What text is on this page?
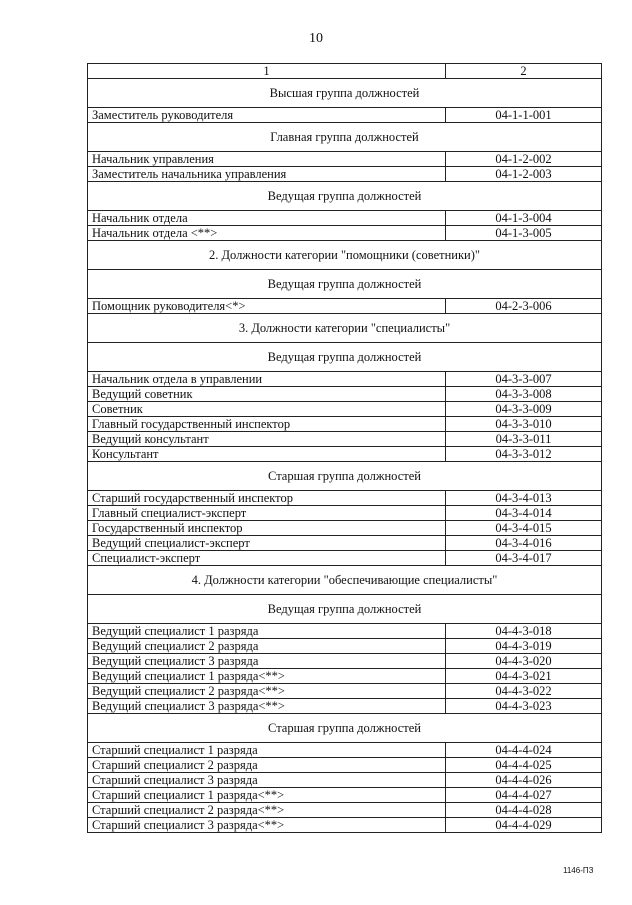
10
1	2
Высшая группа должностей	
Заместитель руководителя	04-1-1-001
Главная группа должностей	
Начальник управления	04-1-2-002
Заместитель начальника управления	04-1-2-003
Ведущая группа должностей	
Начальник отдела	04-1-3-004
Начальник отдела <**>	04-1-3-005
2. Должности категории "помощники (советники)"	
Ведущая группа должностей	
Помощник руководителя<*>	04-2-3-006
3. Должности категории "специалисты"	
Ведущая группа должностей	
Начальник отдела в управлении	04-3-3-007
Ведущий советник	04-3-3-008
Советник	04-3-3-009
Главный государственный инспектор	04-3-3-010
Ведущий консультант	04-3-3-011
Консультант	04-3-3-012
Старшая группа должностей	
Старший государственный инспектор	04-3-4-013
Главный специалист-эксперт	04-3-4-014
Государственный инспектор	04-3-4-015
Ведущий специалист-эксперт	04-3-4-016
Специалист-эксперт	04-3-4-017
4. Должности категории "обеспечивающие специалисты"	
Ведущая группа должностей	
Ведущий специалист 1 разряда	04-4-3-018
Ведущий специалист 2 разряда	04-4-3-019
Ведущий специалист 3 разряда	04-4-3-020
Ведущий специалист 1 разряда<**>	04-4-3-021
Ведущий специалист 2 разряда<**>	04-4-3-022
Ведущий специалист 3 разряда<**>	04-4-3-023
Старшая группа должностей	
Старший специалист 1 разряда	04-4-4-024
Старший специалист 2 разряда	04-4-4-025
Старший специалист 3 разряда	04-4-4-026
Старший специалист 1 разряда<**>	04-4-4-027
Старший специалист 2 разряда<**>	04-4-4-028
Старший специалист 3 разряда<**>	04-4-4-029
1146-ПЗ
